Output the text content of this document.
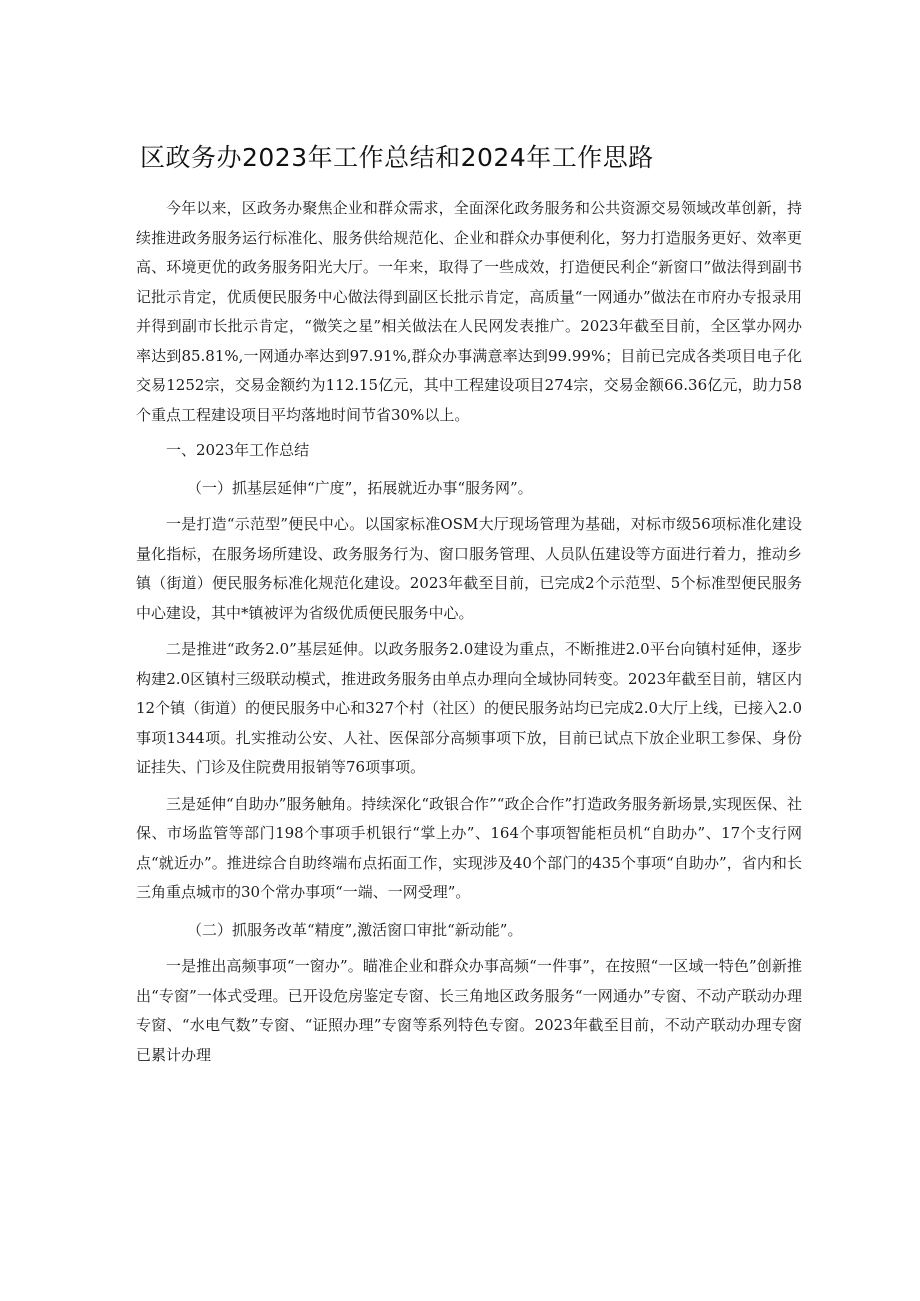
区政务办2023年工作总结和2024年工作思路

今年以来，区政务办聚焦企业和群众需求，全面深化政务服务和公共资源交易领域改革创新，持续推进政务服务运行标准化、服务供给规范化、企业和群众办事便利化，努力打造服务更好、效率更高、环境更优的政务服务阳光大厅。一年来，取得了一些成效，打造便民利企“新窗口”做法得到副书记批示肯定，优质便民服务中心做法得到副区长批示肯定，高质量“一网通办”做法在市府办专报录用并得到副市长批示肯定，“微笑之星”相关做法在人民网发表推广。2023年截至目前，全区掌办网办率达到85.81%,一网通办率达到97.91%,群众办事满意率达到99.99%；目前已完成各类项目电子化交易1252宗，交易金额约为112.15亿元，其中工程建设项目274宗，交易金额66.36亿元，助力58个重点工程建设项目平均落地时间节省30%以上。

一、2023年工作总结

（一）抓基层延伸“广度”，拓展就近办事“服务网”。

一是打造“示范型”便民中心。以国家标准OSM大厅现场管理为基础，对标市级56项标准化建设量化指标，在服务场所建设、政务服务行为、窗口服务管理、人员队伍建设等方面进行着力，推动乡镇（街道）便民服务标准化规范化建设。2023年截至目前，已完成2个示范型、5个标准型便民服务中心建设，其中*镇被评为省级优质便民服务中心。

二是推进“政务2.0”基层延伸。以政务服务2.0建设为重点，不断推进2.0平台向镇村延伸，逐步构建2.0区镇村三级联动模式，推进政务服务由单点办理向全域协同转变。2023年截至目前，辖区内12个镇（街道）的便民服务中心和327个村（社区）的便民服务站均已完成2.0大厅上线，已接入2.0事项1344项。扎实推动公安、人社、医保部分高频事项下放，目前已试点下放企业职工参保、身份证挂失、门诊及住院费用报销等76项事项。

三是延伸“自助办”服务触角。持续深化“政银合作”“政企合作”打造政务服务新场景,实现医保、社保、市场监管等部门198个事项手机银行“掌上办”、164个事项智能柜员机“自助办”、17个支行网点“就近办”。推进综合自助终端布点拓面工作，实现涉及40个部门的435个事项“自助办”，省内和长三角重点城市的30个常办事项“一端、一网受理”。

（二）抓服务改革“精度”,激活窗口审批“新动能”。

一是推出高频事项“一窗办”。瞄准企业和群众办事高频“一件事”，在按照“一区域一特色”创新推出“专窗”一体式受理。已开设危房鉴定专窗、长三角地区政务服务“一网通办”专窗、不动产联动办理专窗、“水电气数”专窗、“证照办理”专窗等系列特色专窗。2023年截至目前，不动产联动办理专窗已累计办理
